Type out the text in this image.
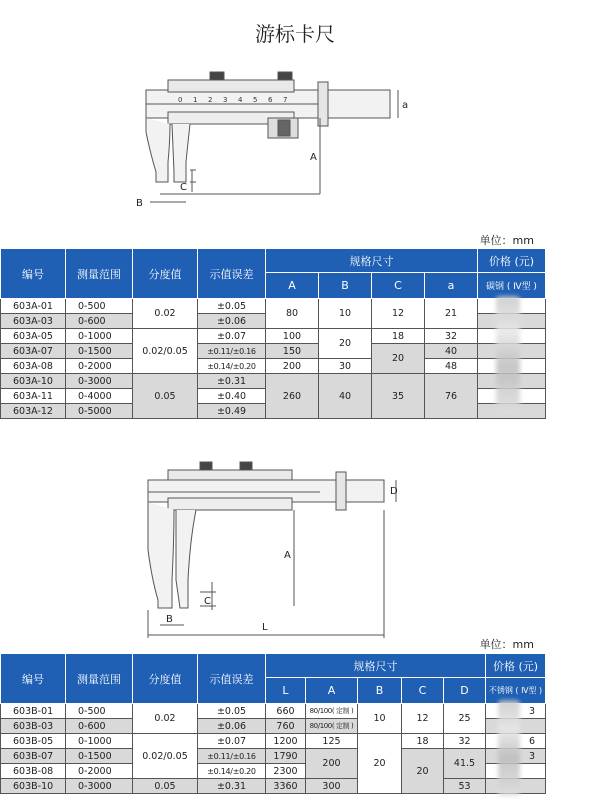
游标卡尺
0 1 2 3 4 5 6 7	a
A
C
B
单位：mm
编号	测量范围	分度值	示值误差	规格尺寸				价格 (元)
				A	B	C	a	碳钢 ( Ⅳ型 )
603A-01	0-500	0.02	±0.05	80	10	12	21	
603A-03	0-600		±0.06					
603A-05	0-1000	0.02/0.05	±0.07	100	20	18	32	
603A-07	0-1500		±0.11/±0.16	150		20	40	
603A-08	0-2000		±0.14/±0.20	200	30		48	
603A-10	0-3000	0.05	±0.31	260	40	35	76	
603A-11	0-4000		±0.40					
603A-12	0-5000		±0.49					
D
A
C
B
L
单位：mm
编号	测量范围	分度值	示值误差	规格尺寸					价格 (元)
				L	A	B	C	D	不锈钢 ( Ⅳ型 )
603B-01	0-500	0.02	±0.05	660	80/100( 定制 )	10	12	25	3
603B-03	0-600		±0.06	760	80/100( 定制 )				
603B-05	0-1000	0.02/0.05	±0.07	1200	125	20	18	32	6
603B-07	0-1500		±0.11/±0.16	1790	200		20	41.5	3
603B-08	0-2000		±0.14/±0.20	2300					
603B-10	0-3000	0.05	±0.31	3360	300			53	
